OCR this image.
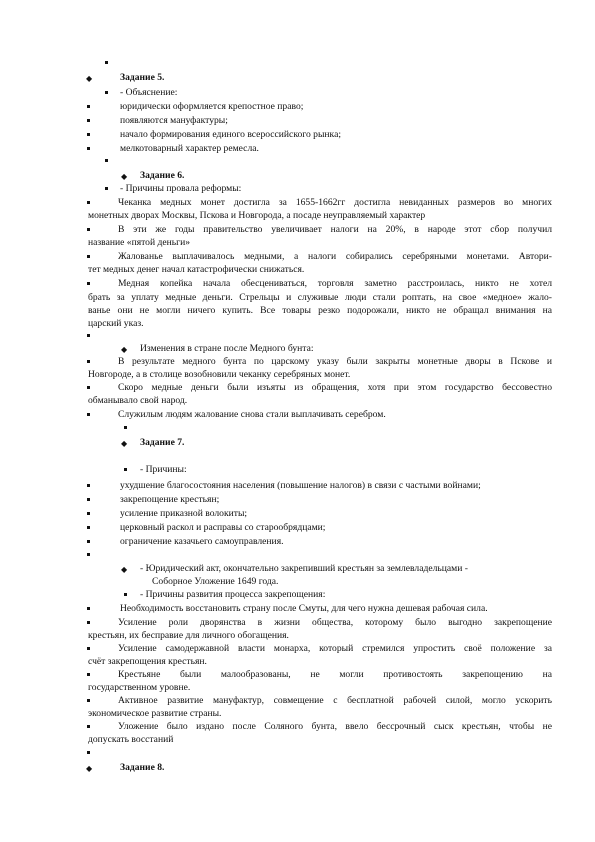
◆	Задание 5.
- Объяснение:
юридически оформляется крепостное право;
появляются мануфактуры;
начало формирования единого всероссийского рынка;
мелкотоварный характер ремесла.
◆ Задание 6.
- Причины провала реформы:
Чеканка медных монет достигла за 1655-1662гг достигла невиданных размеров во многих
монетных дворах Москвы, Пскова и Новгорода, а посаде неуправляемый характер
В эти же годы правительство увеличивает налоги на 20%, в народе этот сбор получил
название «пятой деньги»
Жалованье выплачивалось медными, а налоги собирались серебряными монетами. Автори-
тет медных денег начал катастрофически снижаться.
Медная копейка начала обесцениваться, торговля заметно расстроилась, никто не хотел
брать за уплату медные деньги. Стрельцы и служивые люди стали роптать, на свое «медное» жало-
ванье они не могли ничего купить. Все товары резко подорожали, никто не обращал внимания на
царский указ.
◆ Изменения в стране после Медного бунта:
В результате медного бунта по царскому указу были закрыты монетные дворы в Пскове и
Новгороде, а в столице возобновили чеканку серебряных монет.
Скоро медные деньги были изъяты из обращения, хотя при этом государство бессовестно
обманывало свой народ.
Служилым людям жалование снова стали выплачивать серебром.
◆ Задание 7.
- Причины:
ухудшение благосостояния населения (повышение налогов) в связи с частыми войнами;
закрепощение крестьян;
усиление приказной волокиты;
церковный раскол и расправы со старообрядцами;
ограничение казачьего самоуправления.
◆ - Юридический акт, окончательно закрепивший крестьян за землевладельцами -
Соборное Уложение 1649 года.
- Причины развития процесса закрепощения:
Необходимость восстановить страну после Смуты, для чего нужна дешевая рабочая сила.
Усиление роли дворянства в жизни общества, которому было выгодно закрепощение
крестьян, их бесправие для личного обогащения.
Усиление самодержавной власти монарха, который стремился упростить своё положение за
счёт закрепощения крестьян.
Крестьяне были малообразованы, не могли противостоять закрепощению на
государственном уровне.
Активное развитие мануфактур, совмещение с бесплатной рабочей силой, могло ускорить
экономическое развитие страны.
Уложение было издано после Соляного бунта, ввело бессрочный сыск крестьян, чтобы не
допускать восстаний
◆	Задание 8.
